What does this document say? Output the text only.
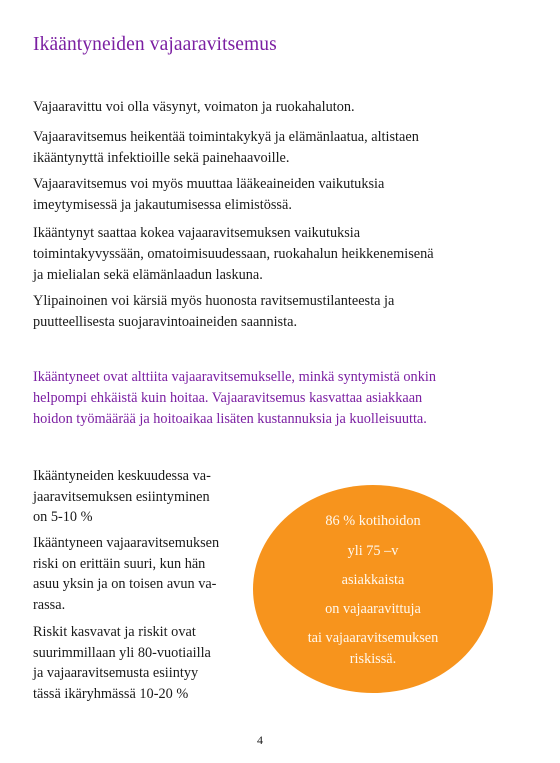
Ikääntyneiden vajaaravitsemus
Vajaaravittu voi olla väsynyt, voimaton ja ruokahaluton.
Vajaaravitsemus heikentää toimintakykyä ja elämänlaatua, altistaen
ikääntynyttä infektioille sekä painehaavoille.
Vajaaravitsemus voi myös muuttaa lääkeaineiden vaikutuksia
imeytymisessä ja jakautumisessa elimistössä.
Ikääntynyt saattaa kokea vajaaravitsemuksen vaikutuksia
toimintakyvyssään, omatoimisuudessaan, ruokahalun heikkenemisenä
ja mielialan sekä elämänlaadun laskuna.
Ylipainoinen voi kärsiä myös huonosta ravitsemustilanteesta ja
puutteellisesta suojaravintoaineiden saannista.
Ikääntyneet ovat alttiita vajaaravitsemukselle, minkä syntymistä onkin
helpompi ehkäistä kuin hoitaa. Vajaaravitsemus kasvattaa asiakkaan
hoidon työmäärää ja hoitoaikaa lisäten kustannuksia ja kuolleisuutta.
Ikääntyneiden keskuudessa va-
jaaravitsemuksen esiintyminen
on 5-10 %
Ikääntyneen vajaaravitsemuksen
riski on erittäin suuri, kun hän
asuu yksin ja on toisen avun va-
rassa.
Riskit kasvavat ja riskit ovat
suurimmillaan yli 80-vuotiailla
ja vajaaravitsemusta esiintyy
tässä ikäryhmässä 10-20 %
86 % kotihoidon
yli 75 –v
asiakkaista
on vajaaravittuja
tai vajaaravitsemuksen
riskissä.
4
